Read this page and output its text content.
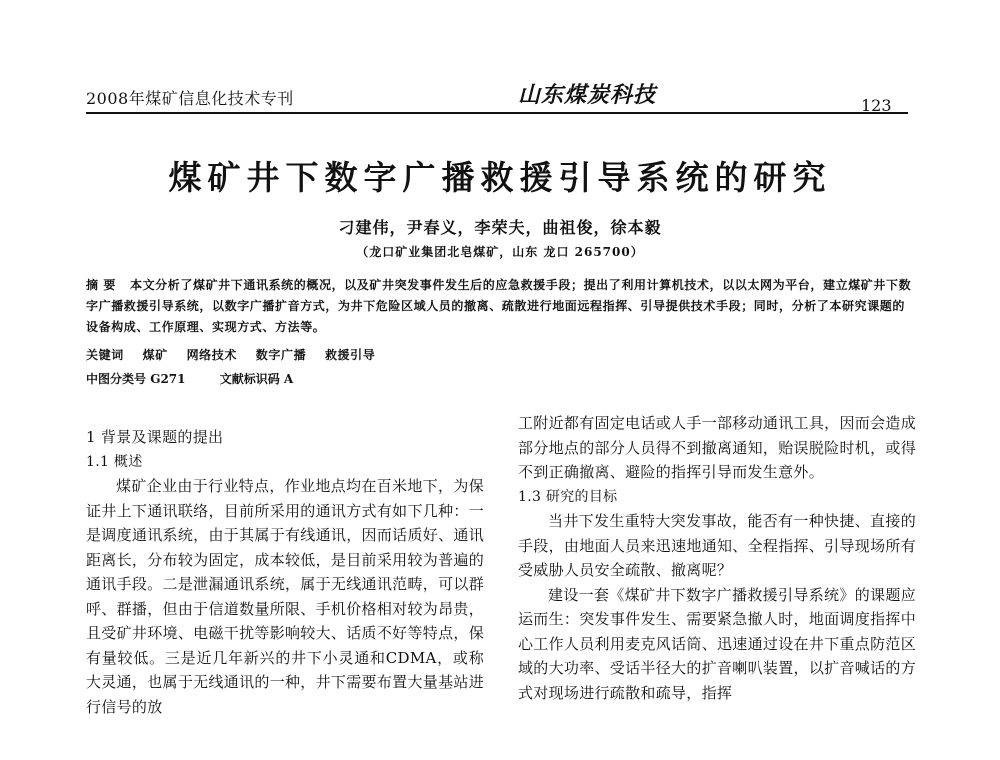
2008年煤矿信息化技术专刊	山东煤炭科技	123
煤矿井下数字广播救援引导系统的研究
刁建伟，尹春义，李荣夫，曲祖俊，徐本毅
（龙口矿业集团北皂煤矿，山东 龙口 265700）
摘 要 本文分析了煤矿井下通讯系统的概况，以及矿井突发事件发生后的应急救援手段；提出了利用计算机技术，以以太网为平台，建立煤矿井下数字广播救援引导系统，以数字广播扩音方式，为井下危险区域人员的撤离、疏散进行地面远程指挥、引导提供技术手段；同时，分析了本研究课题的设备构成、工作原理、实现方式、方法等。
关键词 煤矿 网络技术 数字广播 救援引导
中图分类号 G271	文献标识码 A

1 背景及课题的提出

1.1 概述

煤矿企业由于行业特点，作业地点均在百米地下，为保证井上下通讯联络，目前所采用的通讯方式有如下几种：一是调度通讯系统，由于其属于有线通讯，因而话质好、通讯距离长，分布较为固定，成本较低，是目前采用较为普遍的通讯手段。二是泄漏通讯系统，属于无线通讯范畴，可以群呼、群播，但由于信道数量所限、手机价格相对较为昂贵，且受矿井环境、电磁干扰等影响较大、话质不好等特点，保有量较低。三是近几年新兴的井下小灵通和CDMA，或称大灵通，也属于无线通讯的一种，井下需要布置大量基站进行信号的放

工附近都有固定电话或人手一部移动通讯工具，因而会造成部分地点的部分人员得不到撤离通知，贻误脱险时机，或得不到正确撤离、避险的指挥引导而发生意外。

1.3 研究的目标

当井下发生重特大突发事故，能否有一种快捷、直接的手段，由地面人员来迅速地通知、全程指挥、引导现场所有受威胁人员安全疏散、撤离呢？

建设一套《煤矿井下数字广播救援引导系统》的课题应运而生：突发事件发生、需要紧急撤人时，地面调度指挥中心工作人员利用麦克风话筒、迅速通过设在井下重点防范区域的大功率、受话半径大的扩音喇叭装置，以扩音喊话的方式对现场进行疏散和疏导，指挥
